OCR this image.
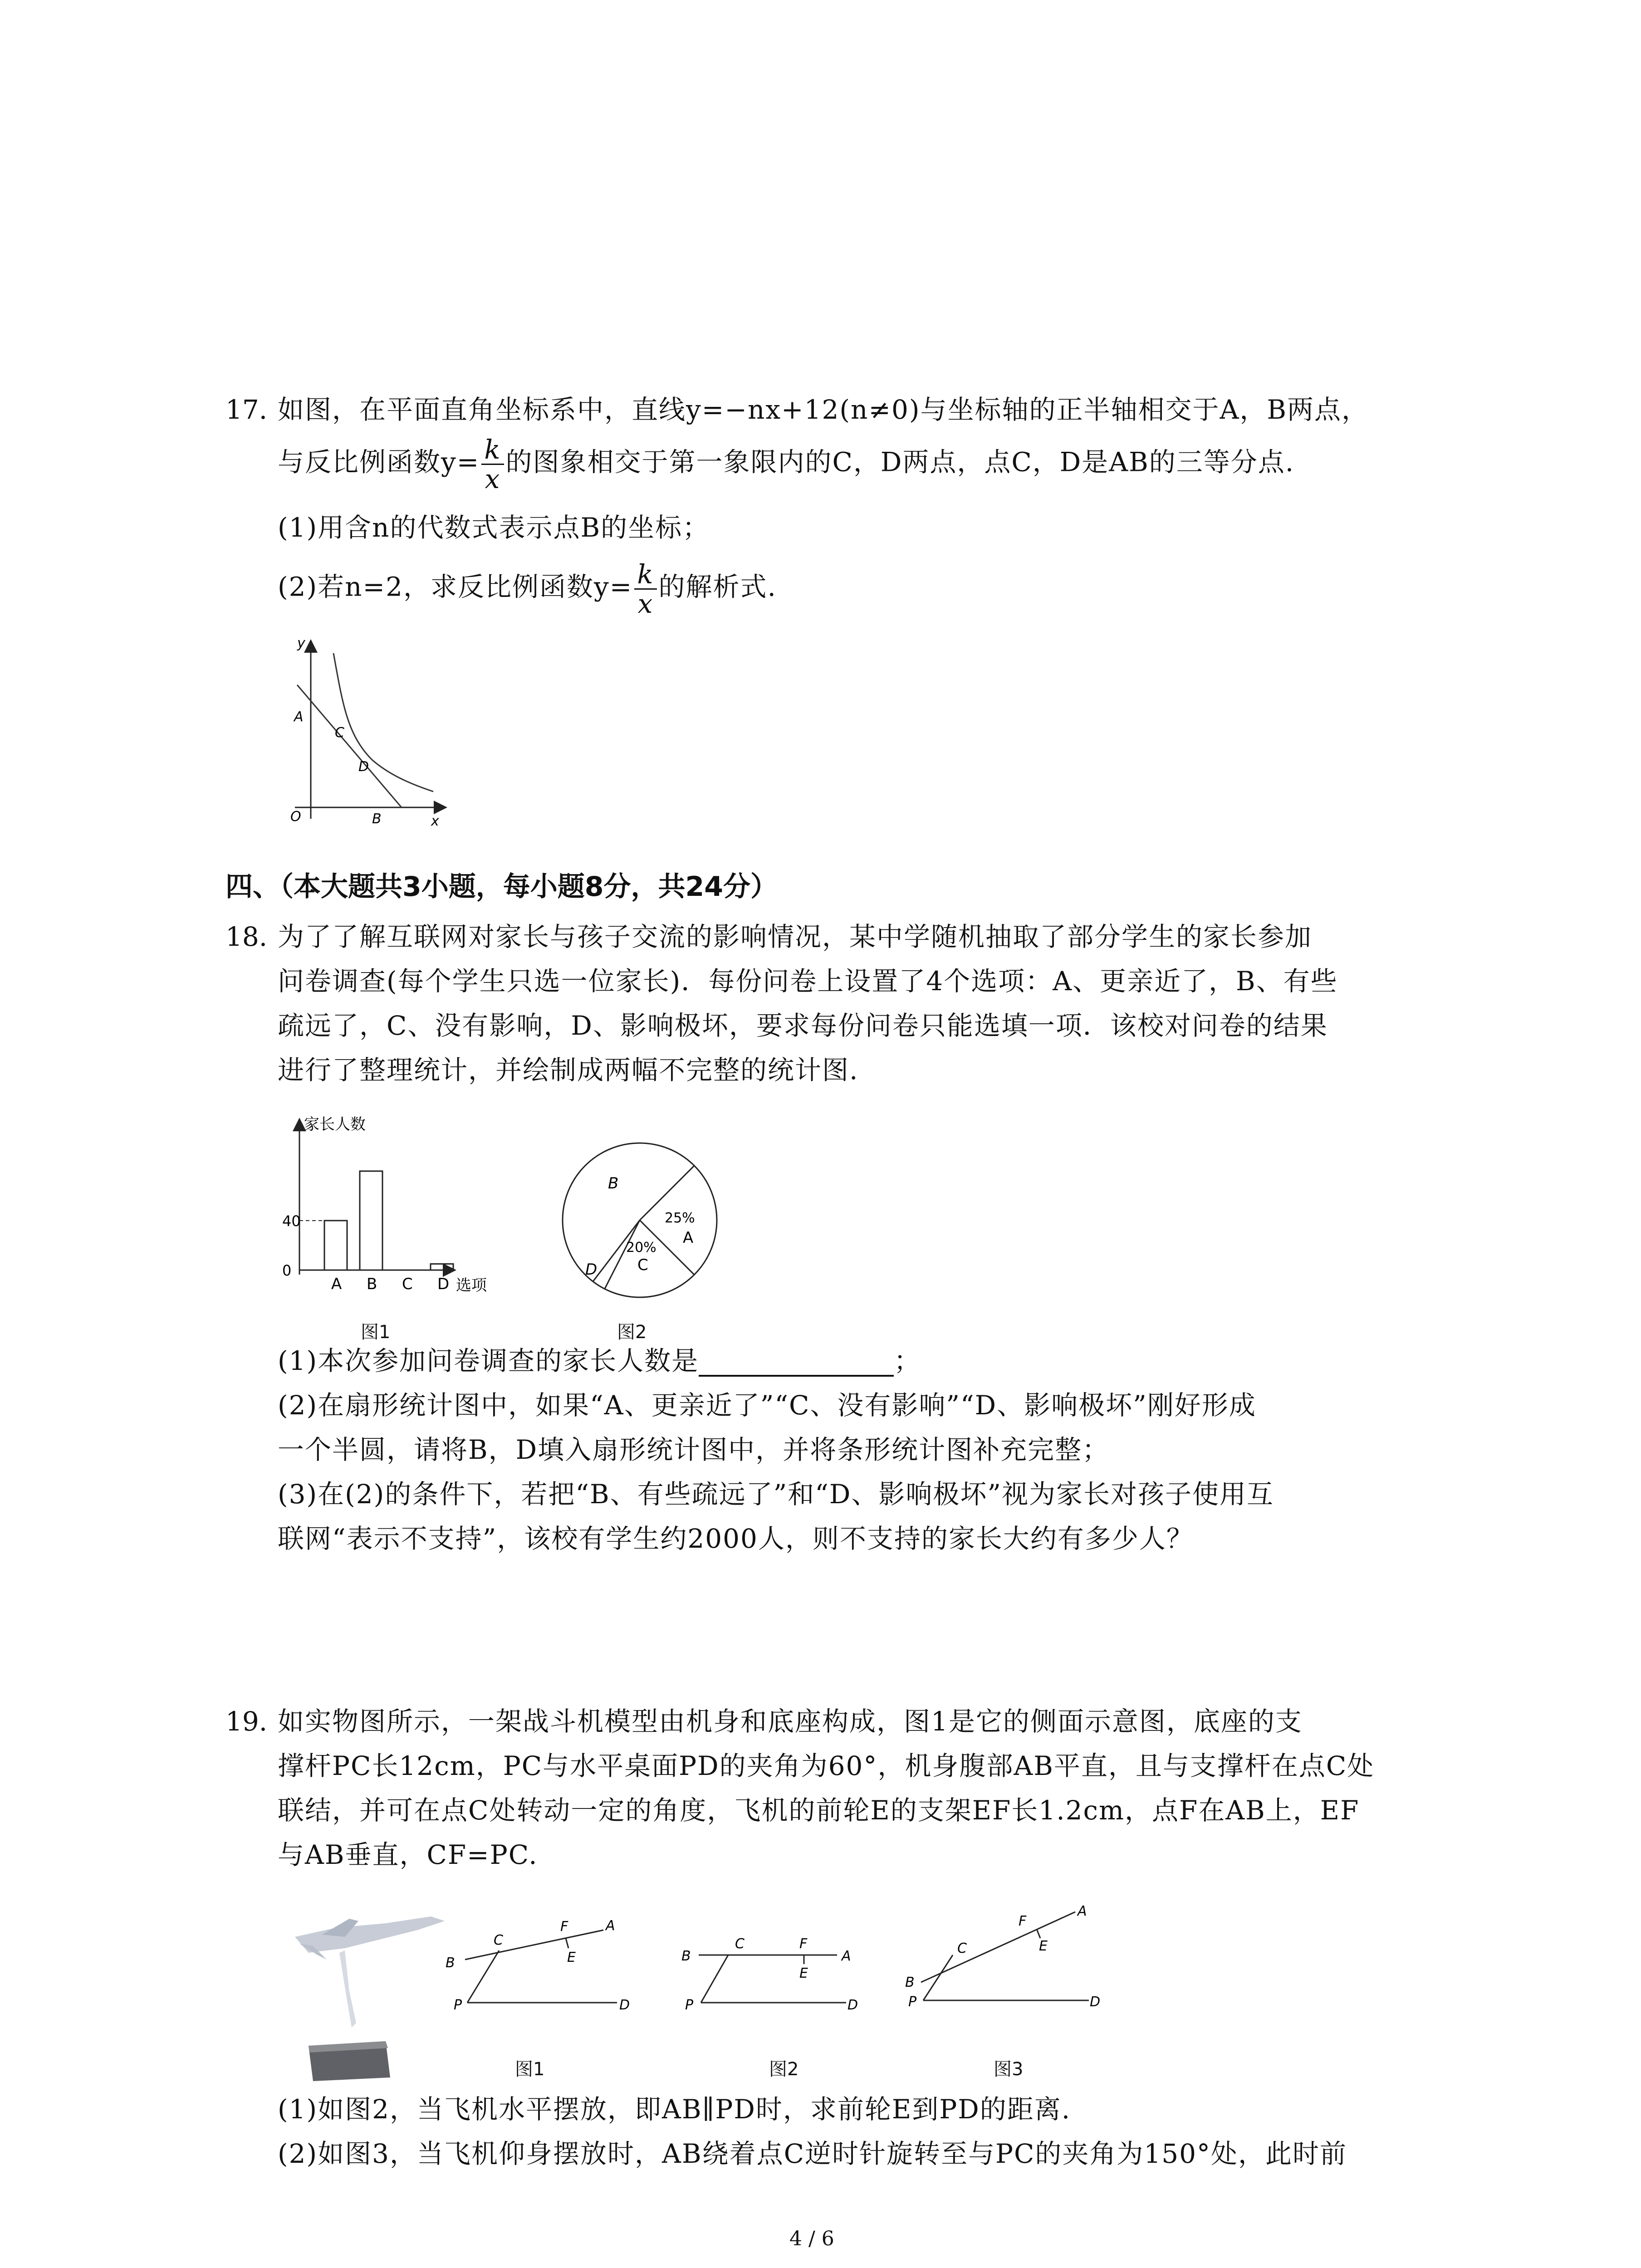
17. 如图，在平面直角坐标系中，直线y=−nx+12(n≠0)与坐标轴的正半轴相交于A，B两点，
与反比例函数$y= \frac{k}{x}$ 的图象相交于第一象限内的C，D两点，点C，D是AB的三等分点.
(1)用含n的代数式表示点B的坐标；
(2)若n=2，求反比例函数$y= \frac{k}{x}$ 的解析式.
y
x
O
A
C
D
B
四、（本大题共3小题，每小题8分，共24分）
18. 为了了解互联网对家长与孩子交流的影响情况，某中学随机抽取了部分学生的家长参加
问卷调查(每个学生只选一位家长)．每份问卷上设置了4个选项：A、更亲近了，B、有些
疏远了，C、没有影响，D、影响极坏，要求每份问卷只能选填一项．该校对问卷的结果
进行了整理统计，并绘制成两幅不完整的统计图.
家长人数
选项
0
40
A B C D
图1
A
25%
C
20%
B
D
图2
(1)本次参加问卷调查的家长人数是	；
(2)在扇形统计图中，如果“A、更亲近了”“C、没有影响”“D、影响极坏”刚好形成
一个半圆，请将B，D填入扇形统计图中，并将条形统计图补充完整；
(3)在(2)的条件下，若把“B、有些疏远了”和“D、影响极坏”视为家长对孩子使用互
联网“表示不支持”，该校有学生约2000人，则不支持的家长大约有多少人？
19. 如实物图所示，一架战斗机模型由机身和底座构成，图1是它的侧面示意图，底座的支
撑杆PC长12cm，PC与水平桌面PD的夹角为60°，机身腹部AB平直，且与支撑杆在点C处
联结，并可在点C处转动一定的角度，飞机的前轮E的支架EF长1.2cm，点F在AB上，EF
与AB垂直，CF=PC.
B
C
F	A
E
P	D
图1
B
C	F
A
E
P	D
图2
B
C
F
A
E
P	D
图3
(1)如图2，当飞机水平摆放，即AB∥PD时，求前轮E到PD的距离.
(2)如图3，当飞机仰身摆放时，AB绕着点C逆时针旋转至与PC的夹角为150°处，此时前
4 / 6
